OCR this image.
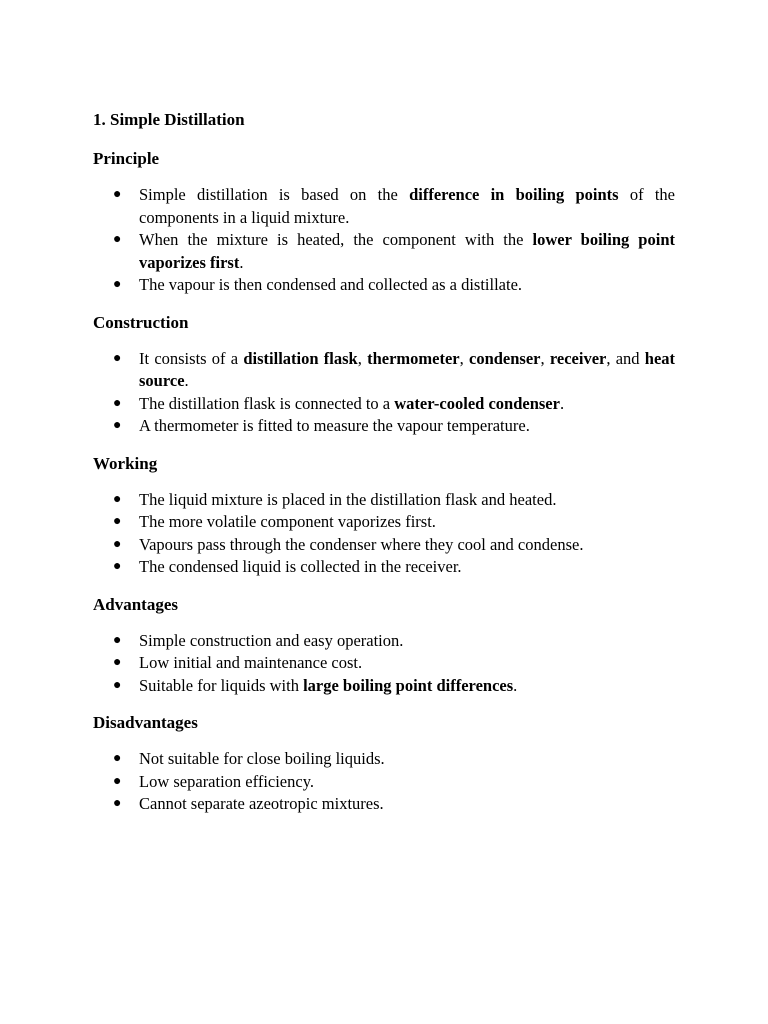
1. Simple Distillation
Principle
● Simple distillation is based on the difference in boiling points of the components in a liquid mixture.
● When the mixture is heated, the component with the lower boiling point vaporizes first.
● The vapour is then condensed and collected as a distillate.
Construction
● It consists of a distillation flask, thermometer, condenser, receiver, and heat source.
● The distillation flask is connected to a water-cooled condenser.
● A thermometer is fitted to measure the vapour temperature.
Working
● The liquid mixture is placed in the distillation flask and heated.
● The more volatile component vaporizes first.
● Vapours pass through the condenser where they cool and condense.
● The condensed liquid is collected in the receiver.
Advantages
● Simple construction and easy operation.
● Low initial and maintenance cost.
● Suitable for liquids with large boiling point differences.
Disadvantages
● Not suitable for close boiling liquids.
● Low separation efficiency.
● Cannot separate azeotropic mixtures.
